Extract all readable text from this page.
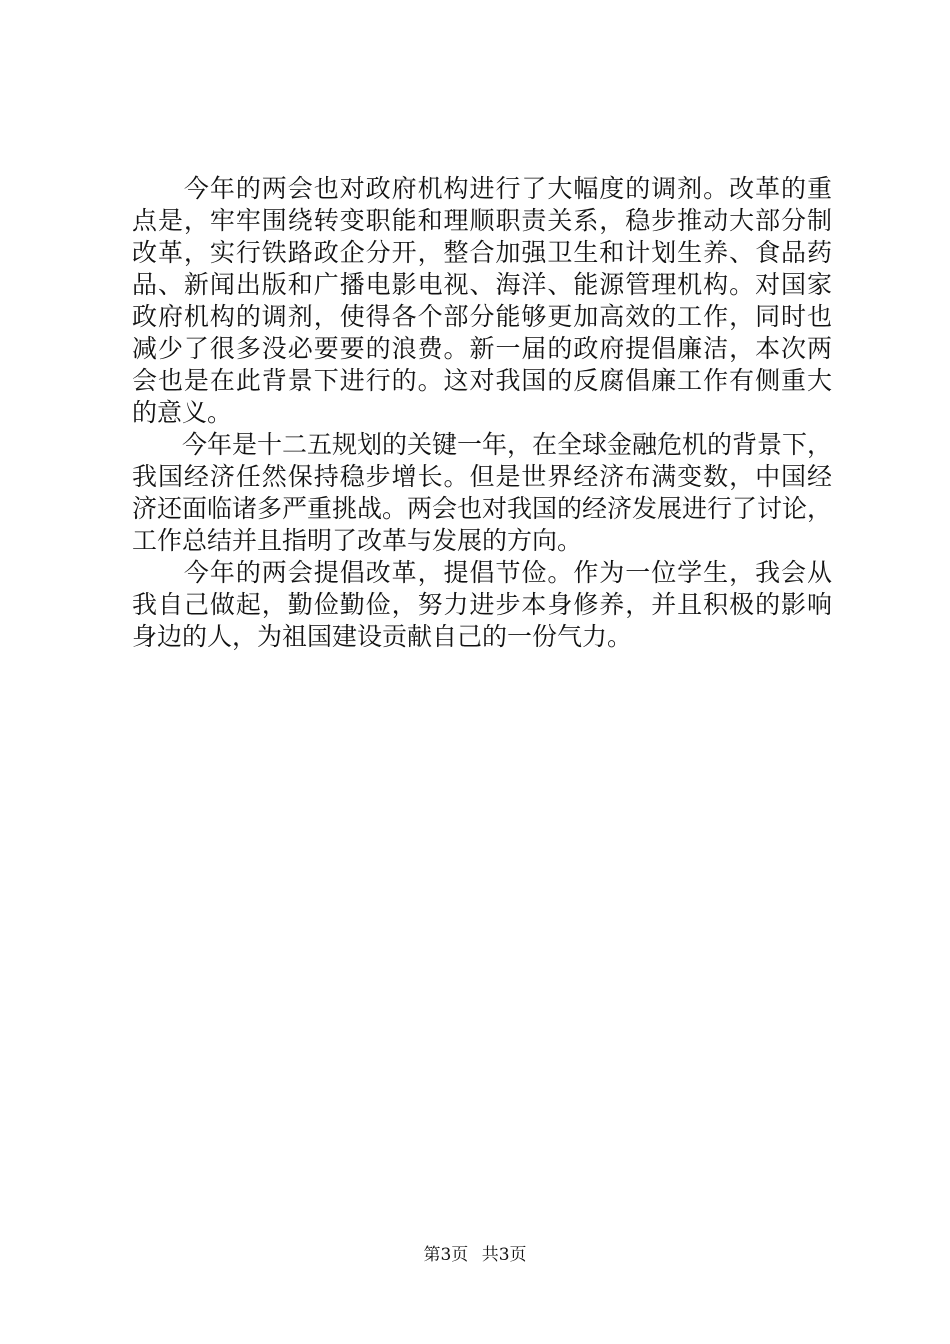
　　今年的两会也对政府机构进行了大幅度的调剂。改革的重
点是，牢牢围绕转变职能和理顺职责关系，稳步推动大部分制
改革，实行铁路政企分开，整合加强卫生和计划生养、食品药
品、新闻出版和广播电影电视、海洋、能源管理机构。对国家
政府机构的调剂，使得各个部分能够更加高效的工作，同时也
减少了很多没必要要的浪费。新一届的政府提倡廉洁，本次两
会也是在此背景下进行的。这对我国的反腐倡廉工作有侧重大
的意义。
　　今年是十二五规划的关键一年，在全球金融危机的背景下，
我国经济任然保持稳步增长。但是世界经济布满变数，中国经
济还面临诸多严重挑战。两会也对我国的经济发展进行了讨论，
工作总结并且指明了改革与发展的方向。
　　今年的两会提倡改革，提倡节俭。作为一位学生，我会从
我自己做起，勤俭勤俭，努力进步本身修养，并且积极的影响
身边的人，为祖国建设贡献自己的一份气力。
第3页 共3页
